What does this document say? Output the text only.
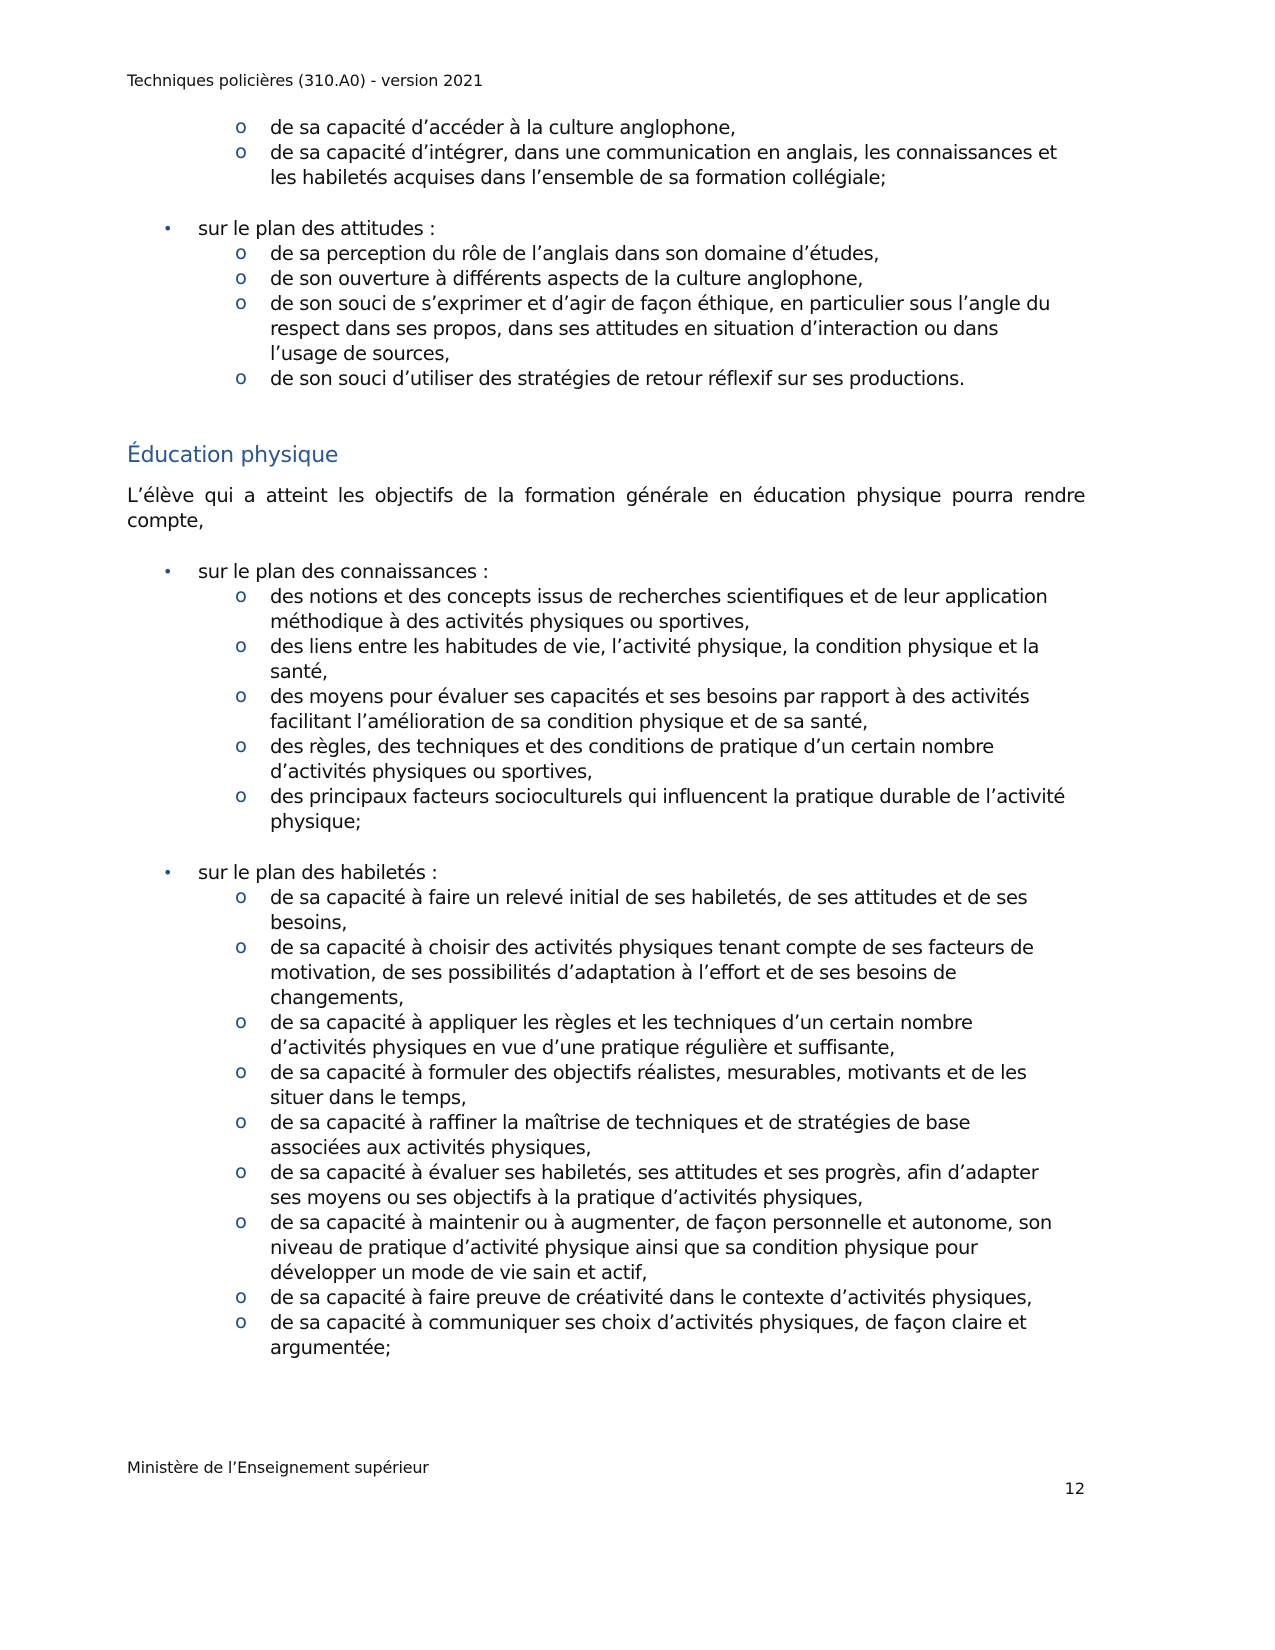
Techniques policières (310.A0) - version 2021
o de sa capacité d’accéder à la culture anglophone,
o de sa capacité d’intégrer, dans une communication en anglais, les connaissances et
les habiletés acquises dans l’ensemble de sa formation collégiale;
• sur le plan des attitudes :
o de sa perception du rôle de l’anglais dans son domaine d’études,
o de son ouverture à différents aspects de la culture anglophone,
o de son souci de s’exprimer et d’agir de façon éthique, en particulier sous l’angle du
respect dans ses propos, dans ses attitudes en situation d’interaction ou dans
l’usage de sources,
o de son souci d’utiliser des stratégies de retour réflexif sur ses productions.
Éducation physique
L’élève qui a atteint les objectifs de la formation générale en éducation physique pourra rendre
compte,
• sur le plan des connaissances :
o des notions et des concepts issus de recherches scientifiques et de leur application
méthodique à des activités physiques ou sportives,
o des liens entre les habitudes de vie, l’activité physique, la condition physique et la
santé,
o des moyens pour évaluer ses capacités et ses besoins par rapport à des activités
facilitant l’amélioration de sa condition physique et de sa santé,
o des règles, des techniques et des conditions de pratique d’un certain nombre
d’activités physiques ou sportives,
o des principaux facteurs socioculturels qui influencent la pratique durable de l’activité
physique;
• sur le plan des habiletés :
o de sa capacité à faire un relevé initial de ses habiletés, de ses attitudes et de ses
besoins,
o de sa capacité à choisir des activités physiques tenant compte de ses facteurs de
motivation, de ses possibilités d’adaptation à l’effort et de ses besoins de
changements,
o de sa capacité à appliquer les règles et les techniques d’un certain nombre
d’activités physiques en vue d’une pratique régulière et suffisante,
o de sa capacité à formuler des objectifs réalistes, mesurables, motivants et de les
situer dans le temps,
o de sa capacité à raffiner la maîtrise de techniques et de stratégies de base
associées aux activités physiques,
o de sa capacité à évaluer ses habiletés, ses attitudes et ses progrès, afin d’adapter
ses moyens ou ses objectifs à la pratique d’activités physiques,
o de sa capacité à maintenir ou à augmenter, de façon personnelle et autonome, son
niveau de pratique d’activité physique ainsi que sa condition physique pour
développer un mode de vie sain et actif,
o de sa capacité à faire preuve de créativité dans le contexte d’activités physiques,
o de sa capacité à communiquer ses choix d’activités physiques, de façon claire et
argumentée;
Ministère de l’Enseignement supérieur
12
